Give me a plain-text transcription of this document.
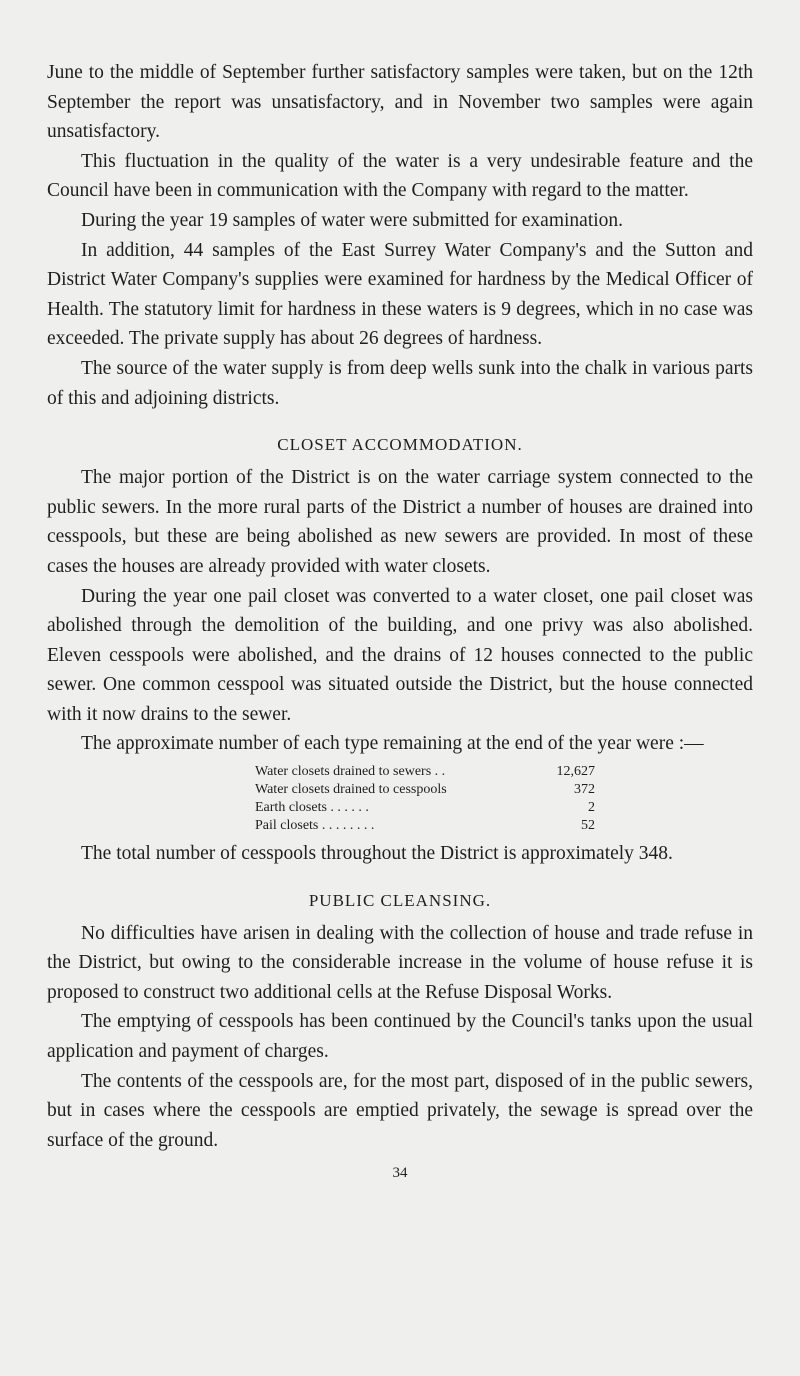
June to the middle of September further satisfactory samples were taken, but on the 12th September the report was unsatisfactory, and in November two samples were again unsatisfactory.

This fluctuation in the quality of the water is a very undesirable feature and the Council have been in communication with the Company with regard to the matter.

During the year 19 samples of water were submitted for examination.

In addition, 44 samples of the East Surrey Water Company's and the Sutton and District Water Company's supplies were examined for hardness by the Medical Officer of Health. The statutory limit for hardness in these waters is 9 degrees, which in no case was exceeded. The private supply has about 26 degrees of hardness.

The source of the water supply is from deep wells sunk into the chalk in various parts of this and adjoining districts.

CLOSET ACCOMMODATION.

The major portion of the District is on the water carriage system connected to the public sewers. In the more rural parts of the District a number of houses are drained into cesspools, but these are being abolished as new sewers are provided. In most of these cases the houses are already provided with water closets.

During the year one pail closet was converted to a water closet, one pail closet was abolished through the demolition of the building, and one privy was also abolished. Eleven cesspools were abolished, and the drains of 12 houses connected to the public sewer. One common cesspool was situated outside the District, but the house connected with it now drains to the sewer.

The approximate number of each type remaining at the end of the year were :—

Water closets drained to sewers . .	12,627
Water closets drained to cesspools	372
Earth closets . . . . . .	2
Pail closets . . . . . . . .	52

The total number of cesspools throughout the District is approximately 348.

PUBLIC CLEANSING.

No difficulties have arisen in dealing with the collection of house and trade refuse in the District, but owing to the considerable increase in the volume of house refuse it is proposed to construct two additional cells at the Refuse Disposal Works.

The emptying of cesspools has been continued by the Council's tanks upon the usual application and payment of charges.

The contents of the cesspools are, for the most part, disposed of in the public sewers, but in cases where the cesspools are emptied privately, the sewage is spread over the surface of the ground.

34
